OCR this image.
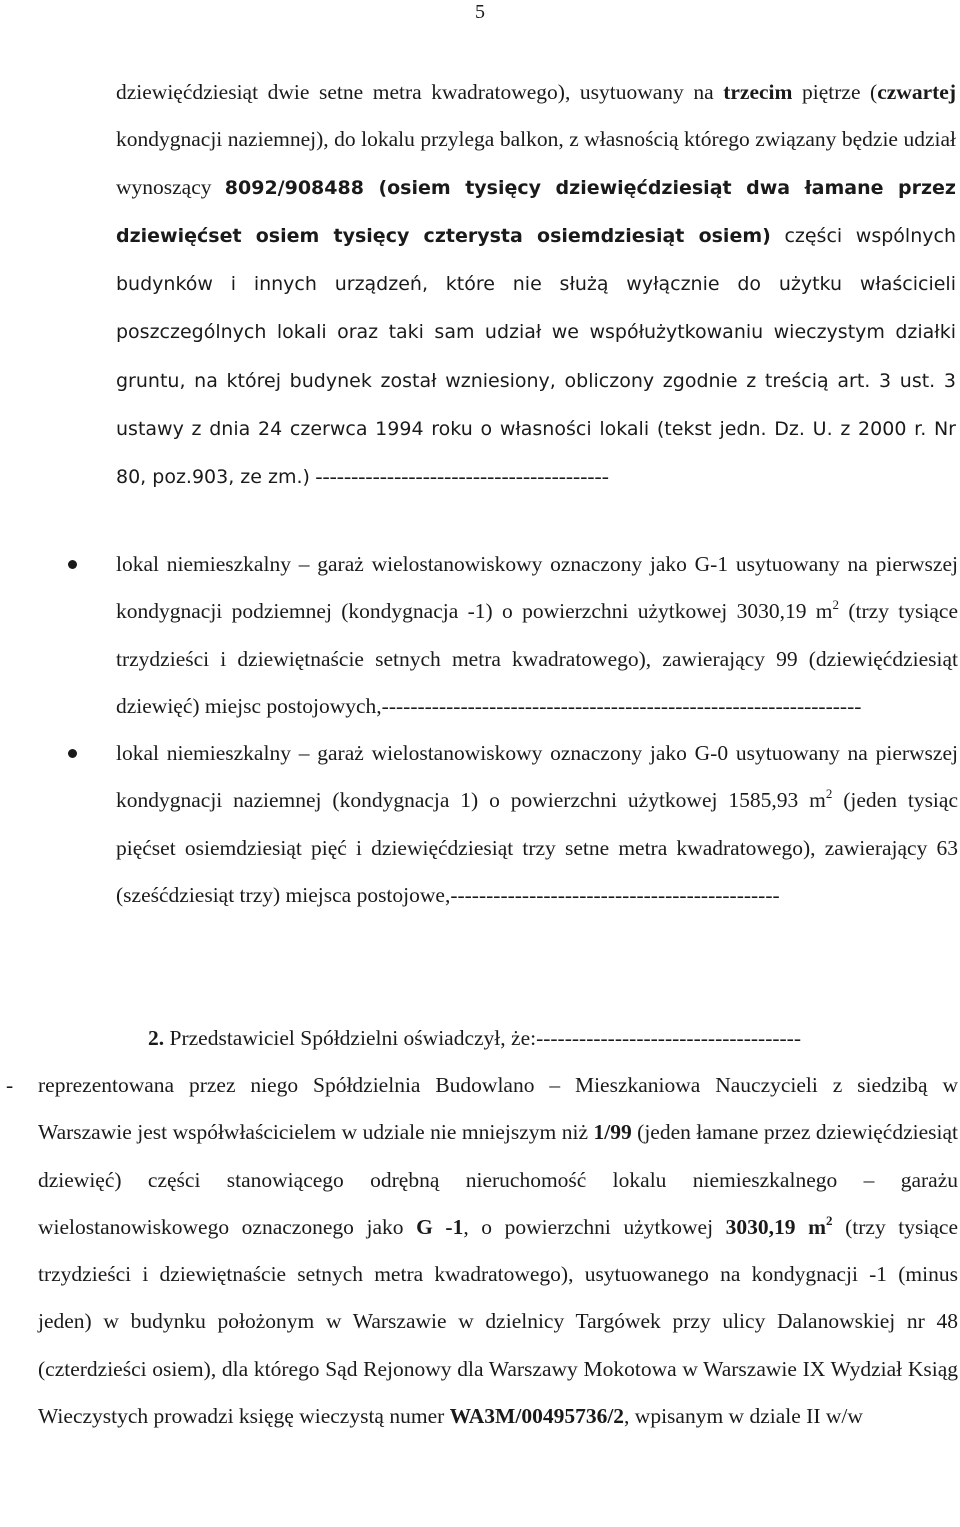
5
dziewięćdziesiąt dwie setne metra kwadratowego), usytuowany na trzecim piętrze (czwartej kondygnacji naziemnej), do lokalu przylega balkon, z własnością którego związany będzie udział wynoszący 8092/908488 (osiem tysięcy dziewięćdziesiąt dwa łamane przez dziewięćset osiem tysięcy czterysta osiemdziesiąt osiem) części wspólnych budynków i innych urządzeń, które nie służą wyłącznie do użytku właścicieli poszczególnych lokali oraz taki sam udział we współużytkowaniu wieczystym działki gruntu, na której budynek został wzniesiony, obliczony zgodnie z treścią art. 3 ust. 3 ustawy z dnia 24 czerwca 1994 roku o własności lokali (tekst jedn. Dz. U. z 2000 r. Nr 80, poz.903, ze zm.) -----------------------------------------
lokal niemieszkalny – garaż wielostanowiskowy oznaczony jako G-1 usytuowany na pierwszej kondygnacji podziemnej (kondygnacja -1) o powierzchni użytkowej 3030,19 $m^2$ (trzy tysiące trzydzieści i dziewiętnaście setnych metra kwadratowego), zawierający 99 (dziewięćdziesiąt dziewięć) miejsc postojowych,-------------------------------------------------------------------
lokal niemieszkalny – garaż wielostanowiskowy oznaczony jako G-0 usytuowany na pierwszej kondygnacji naziemnej (kondygnacja 1) o powierzchni użytkowej 1585,93 $m^2$ (jeden tysiąc pięćset osiemdziesiąt pięć i dziewięćdziesiąt trzy setne metra kwadratowego), zawierający 63 (sześćdziesiąt trzy) miejsca postojowe,----------------------------------------------
2. Przedstawiciel Spółdzielni oświadczył, że:-------------------------------------
- reprezentowana przez niego Spółdzielnia Budowlano – Mieszkaniowa Nauczycieli z siedzibą w Warszawie jest współwłaścicielem w udziale nie mniejszym niż 1/99 (jeden łamane przez dziewięćdziesiąt dziewięć) części stanowiącego odrębną nieruchomość lokalu niemieszkalnego – garażu wielostanowiskowego oznaczonego jako G -1, o powierzchni użytkowej 3030,19 $m^2$ (trzy tysiące trzydzieści i dziewiętnaście setnych metra kwadratowego), usytuowanego na kondygnacji -1 (minus jeden) w budynku położonym w Warszawie w dzielnicy Targówek przy ulicy Dalanowskiej nr 48 (czterdzieści osiem), dla którego Sąd Rejonowy dla Warszawy Mokotowa w Warszawie IX Wydział Ksiąg Wieczystych prowadzi księgę wieczystą numer WA3M/00495736/2, wpisanym w dziale II w/w
